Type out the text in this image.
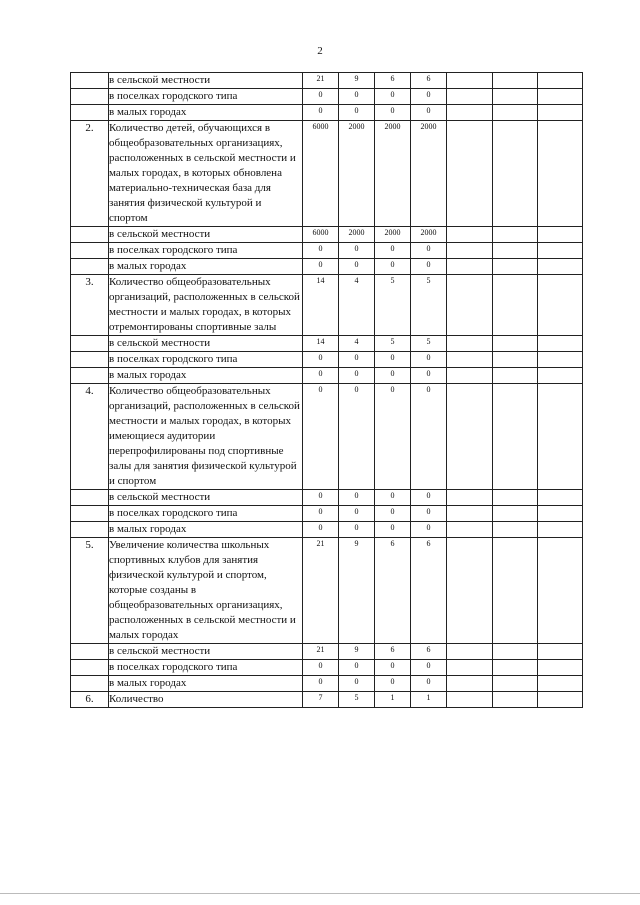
2
	в сельской местности	21	9	6	6			
	в поселках городского типа	0	0	0	0			
	в малых городах	0	0	0	0			
2.	Количество детей, обучающихся в общеобразовательных организациях, расположенных в сельской местности и малых городах, в которых обновлена материально-техническая база для занятия физической культурой и спортом	6000	2000	2000	2000			
	в сельской местности	6000	2000	2000	2000			
	в поселках городского типа	0	0	0	0			
	в малых городах	0	0	0	0			
3.	Количество общеобразовательных организаций, расположенных в сельской местности и малых городах, в которых отремонтированы спортивные залы	14	4	5	5			
	в сельской местности	14	4	5	5			
	в поселках городского типа	0	0	0	0			
	в малых городах	0	0	0	0			
4.	Количество общеобразовательных организаций, расположенных в сельской местности и малых городах, в которых имеющиеся аудитории перепрофилированы под спортивные залы для занятия физической культурой и спортом	0	0	0	0			
	в сельской местности	0	0	0	0			
	в поселках городского типа	0	0	0	0			
	в малых городах	0	0	0	0			
5.	Увеличение количества школьных спортивных клубов для занятия физической культурой и спортом, которые созданы в общеобразовательных организациях, расположенных в сельской местности и малых городах	21	9	6	6			
	в сельской местности	21	9	6	6			
	в поселках городского типа	0	0	0	0			
	в малых городах	0	0	0	0			
6.	Количество	7	5	1	1			
